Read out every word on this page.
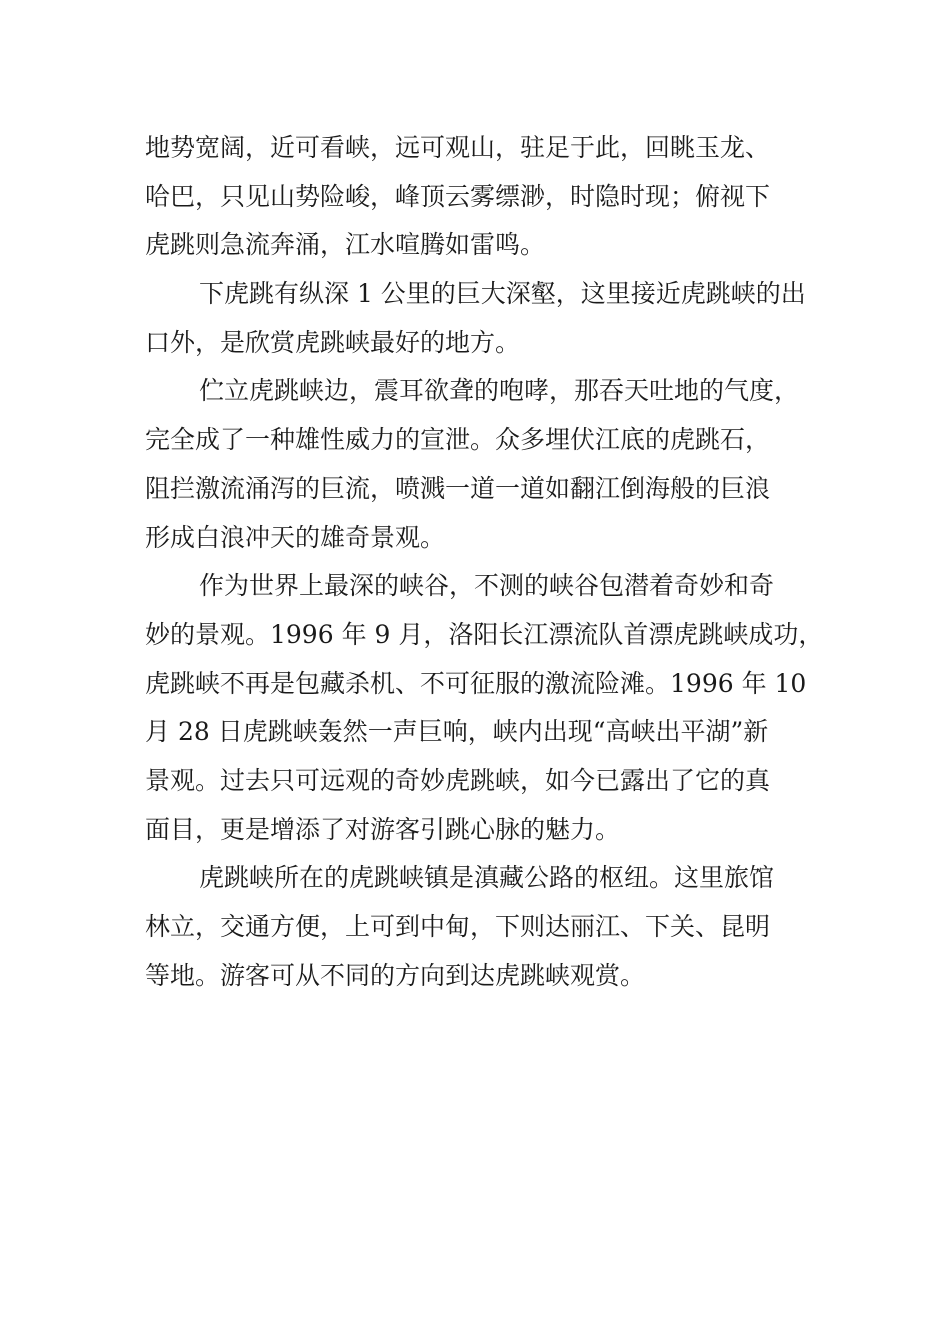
地势宽阔，近可看峡，远可观山，驻足于此，回眺玉龙、
哈巴，只见山势险峻，峰顶云雾缥渺，时隐时现；俯视下
虎跳则急流奔涌，江水喧腾如雷鸣。
下虎跳有纵深 1 公里的巨大深壑，这里接近虎跳峡的出
口外，是欣赏虎跳峡最好的地方。
伫立虎跳峡边，震耳欲聋的咆哮，那吞天吐地的气度，
完全成了一种雄性威力的宣泄。众多埋伏江底的虎跳石，
阻拦激流涌泻的巨流，喷溅一道一道如翻江倒海般的巨浪
形成白浪冲天的雄奇景观。
作为世界上最深的峡谷，不测的峡谷包潜着奇妙和奇
妙的景观。1996 年 9 月，洛阳长江漂流队首漂虎跳峡成功，
虎跳峡不再是包藏杀机、不可征服的激流险滩。1996 年 10
月 28 日虎跳峡轰然一声巨响，峡内出现“高峡出平湖”新
景观。过去只可远观的奇妙虎跳峡，如今已露出了它的真
面目，更是增添了对游客引跳心脉的魅力。
虎跳峡所在的虎跳峡镇是滇藏公路的枢纽。这里旅馆
林立，交通方便，上可到中甸，下则达丽江、下关、昆明
等地。游客可从不同的方向到达虎跳峡观赏。
